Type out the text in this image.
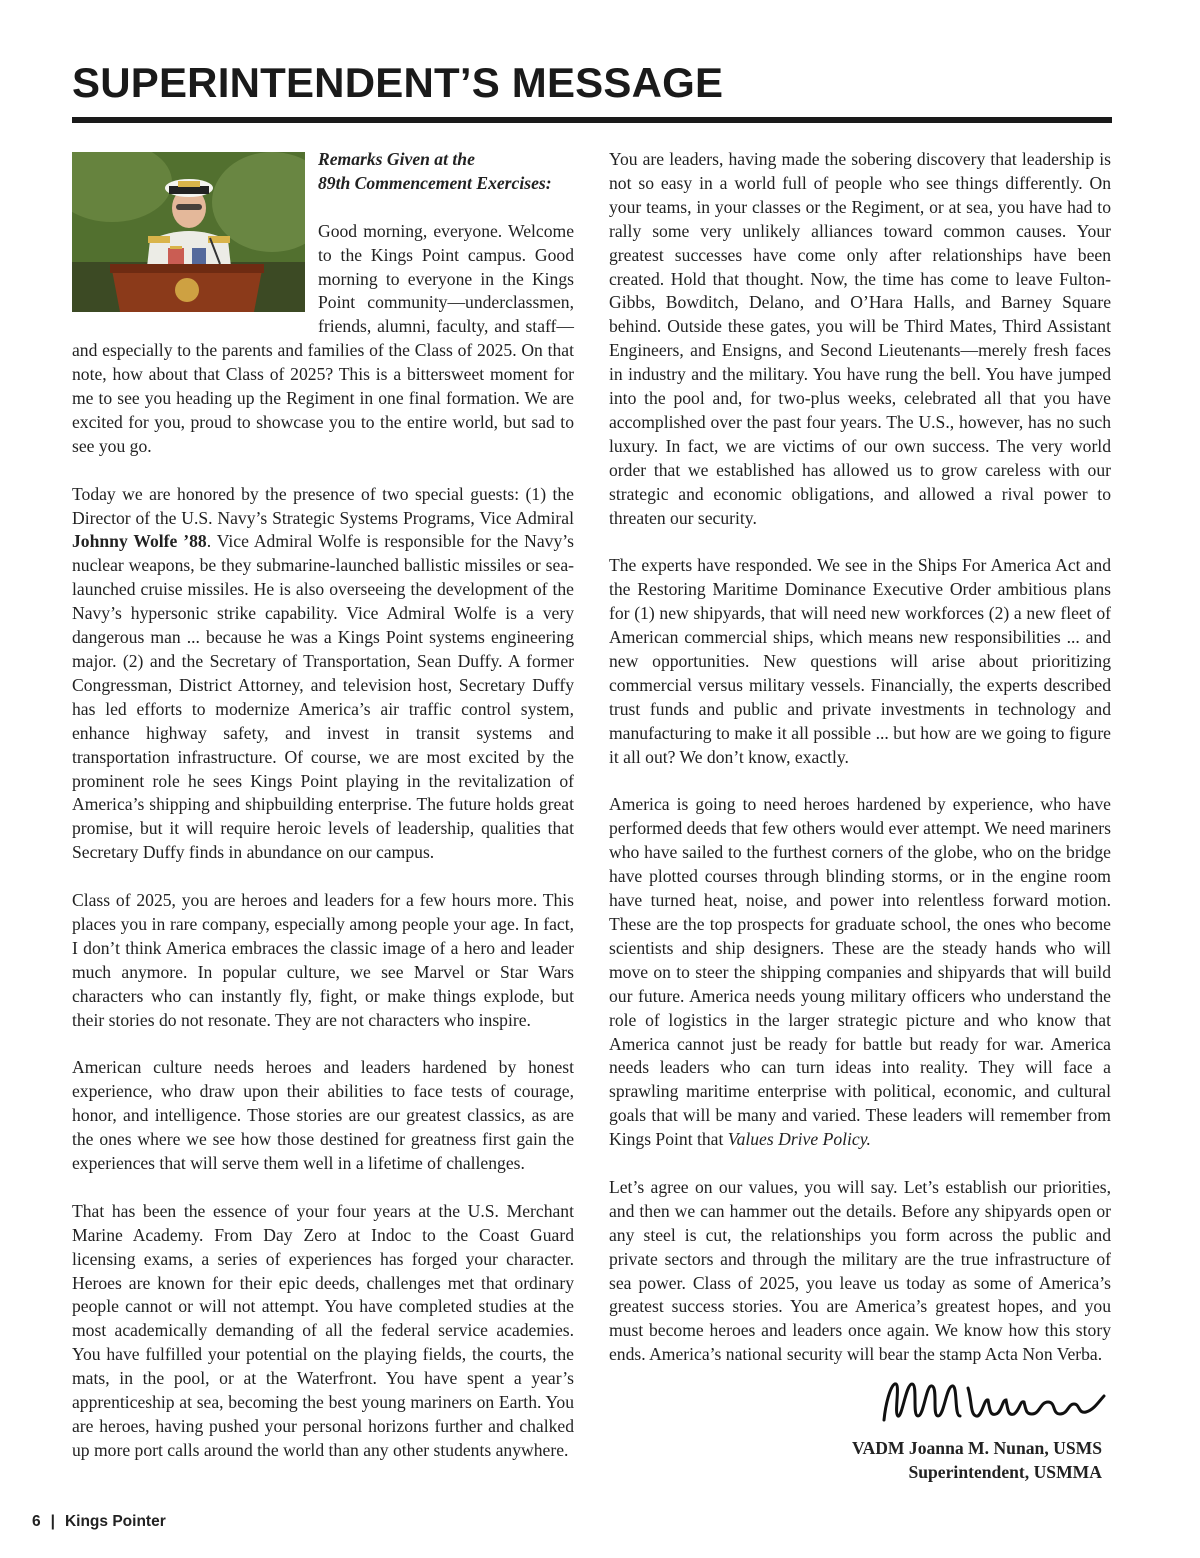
SUPERINTENDENT’S MESSAGE
Remarks Given at the
89th Commencement Exercises:

Good morning, everyone. Welcome to the Kings Point campus. Good morning to everyone in the Kings Point community—underclassmen, friends, alumni, faculty, and staff—and especially to the parents and families of the Class of 2025. On that note, how about that Class of 2025? This is a bittersweet moment for me to see you heading up the Regiment in one final formation. We are excited for you, proud to showcase you to the entire world, but sad to see you go.

Today we are honored by the presence of two special guests: (1) the Director of the U.S. Navy’s Strategic Systems Programs, Vice Admiral Johnny Wolfe ’88. Vice Admiral Wolfe is responsible for the Navy’s nuclear weapons, be they submarine-launched ballistic missiles or sea-launched cruise missiles. He is also overseeing the development of the Navy’s hypersonic strike capability. Vice Admiral Wolfe is a very dangerous man ... because he was a Kings Point systems engineering major. (2) and the Secretary of Transportation, Sean Duffy. A former Congressman, District Attorney, and television host, Secretary Duffy has led efforts to modernize America’s air traffic control system, enhance highway safety, and invest in transit systems and transportation infrastructure. Of course, we are most excited by the prominent role he sees Kings Point playing in the revitalization of America’s shipping and shipbuilding enterprise. The future holds great promise, but it will require heroic levels of leadership, qualities that Secretary Duffy finds in abundance on our campus.

Class of 2025, you are heroes and leaders for a few hours more. This places you in rare company, especially among people your age. In fact, I don’t think America embraces the classic image of a hero and leader much anymore. In popular culture, we see Marvel or Star Wars characters who can instantly fly, fight, or make things explode, but their stories do not resonate. They are not characters who inspire.

American culture needs heroes and leaders hardened by honest experience, who draw upon their abilities to face tests of courage, honor, and intelligence. Those stories are our greatest classics, as are the ones where we see how those destined for greatness first gain the experiences that will serve them well in a lifetime of challenges.

That has been the essence of your four years at the U.S. Merchant Marine Academy. From Day Zero at Indoc to the Coast Guard licensing exams, a series of experiences has forged your character. Heroes are known for their epic deeds, challenges met that ordinary people cannot or will not attempt. You have completed studies at the most academically demanding of all the federal service academies. You have fulfilled your potential on the playing fields, the courts, the mats, in the pool, or at the Waterfront. You have spent a year’s apprenticeship at sea, becoming the best young mariners on Earth. You are heroes, having pushed your personal horizons further and chalked up more port calls around the world than any other students anywhere.

You are leaders, having made the sobering discovery that leadership is not so easy in a world full of people who see things differently. On your teams, in your classes or the Regiment, or at sea, you have had to rally some very unlikely alliances toward common causes. Your greatest successes have come only after relationships have been created. Hold that thought. Now, the time has come to leave Fulton-Gibbs, Bowditch, Delano, and O’Hara Halls, and Barney Square behind. Outside these gates, you will be Third Mates, Third Assistant Engineers, and Ensigns, and Second Lieutenants—merely fresh faces in industry and the military. You have rung the bell. You have jumped into the pool and, for two-plus weeks, celebrated all that you have accomplished over the past four years. The U.S., however, has no such luxury. In fact, we are victims of our own success. The very world order that we established has allowed us to grow careless with our strategic and economic obligations, and allowed a rival power to threaten our security.

The experts have responded. We see in the Ships For America Act and the Restoring Maritime Dominance Executive Order ambitious plans for (1) new shipyards, that will need new workforces (2) a new fleet of American commercial ships, which means new responsibilities ... and new opportunities. New questions will arise about prioritizing commercial versus military vessels. Financially, the experts described trust funds and public and private investments in technology and manufacturing to make it all possible ... but how are we going to figure it all out? We don’t know, exactly.

America is going to need heroes hardened by experience, who have performed deeds that few others would ever attempt. We need mariners who have sailed to the furthest corners of the globe, who on the bridge have plotted courses through blinding storms, or in the engine room have turned heat, noise, and power into relentless forward motion. These are the top prospects for graduate school, the ones who become scientists and ship designers. These are the steady hands who will move on to steer the shipping companies and shipyards that will build our future. America needs young military officers who understand the role of logistics in the larger strategic picture and who know that America cannot just be ready for battle but ready for war. America needs leaders who can turn ideas into reality. They will face a sprawling maritime enterprise with political, economic, and cultural goals that will be many and varied. These leaders will remember from Kings Point that Values Drive Policy.

Let’s agree on our values, you will say. Let’s establish our priorities, and then we can hammer out the details. Before any shipyards open or any steel is cut, the relationships you form across the public and private sectors and through the military are the true infrastructure of sea power. Class of 2025, you leave us today as some of America’s greatest success stories. You are America’s greatest hopes, and you must become heroes and leaders once again. We know how this story ends. America’s national security will bear the stamp Acta Non Verba.

VADM Joanna M. Nunan, USMS
Superintendent, USMMA
6 | Kings Pointer
